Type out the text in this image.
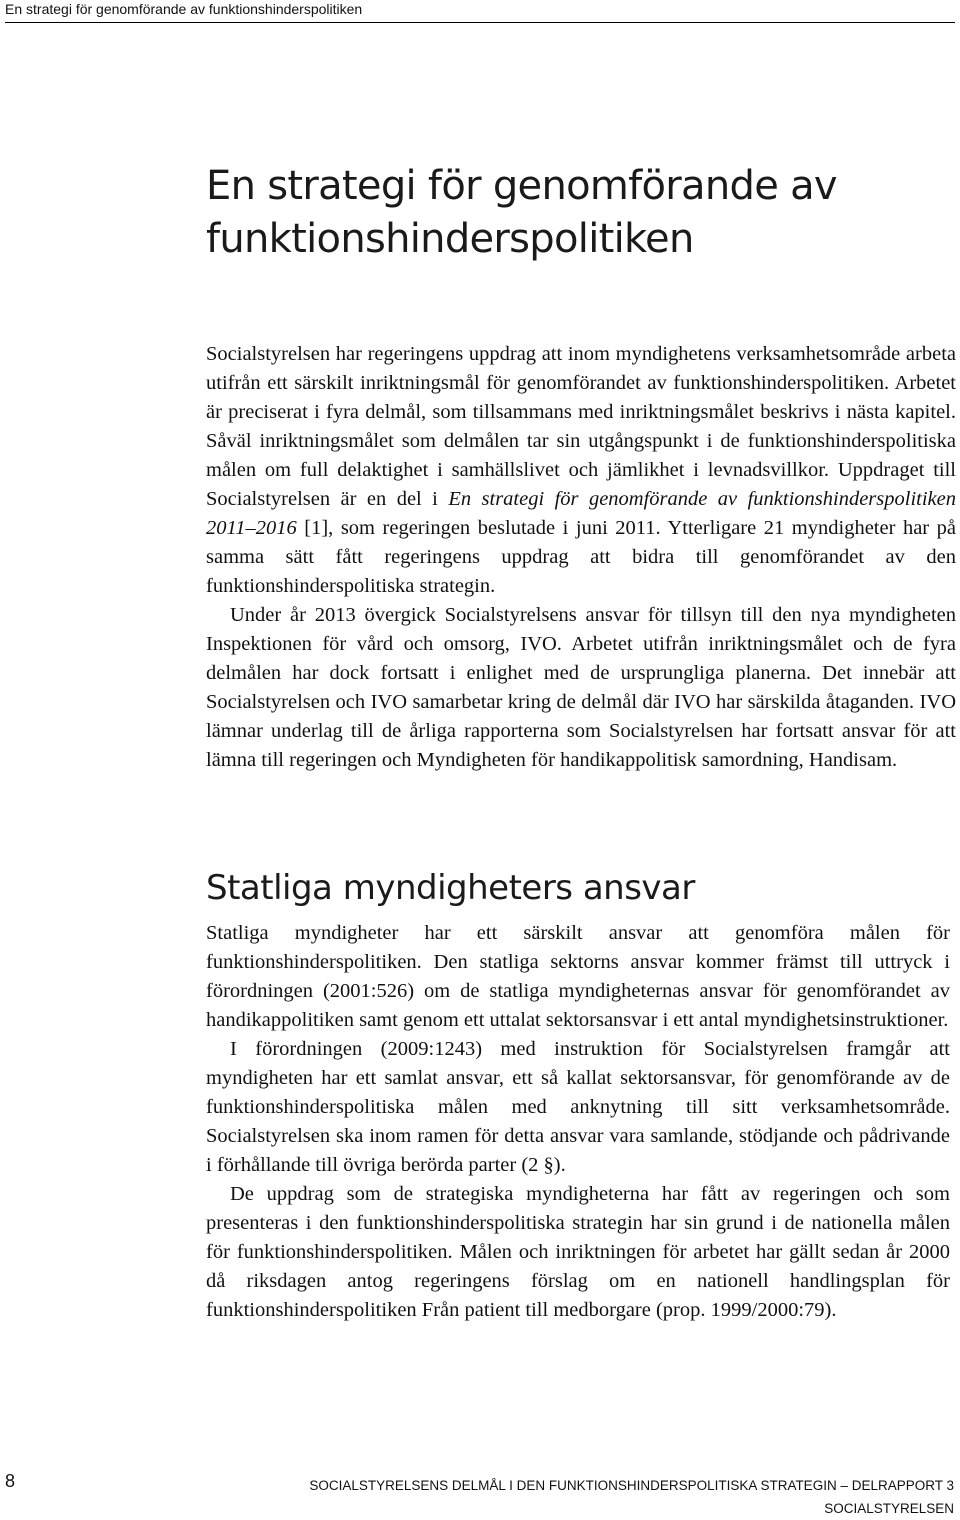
En strategi för genomförande av funktionshinderspolitiken
En strategi för genomförande av funktionshinderspolitiken

Socialstyrelsen har regeringens uppdrag att inom myndighetens verksamhetsområde arbeta utifrån ett särskilt inriktningsmål för genomförandet av funktionshinderspolitiken. Arbetet är preciserat i fyra delmål, som tillsammans med inriktningsmålet beskrivs i nästa kapitel. Såväl inriktningsmålet som delmålen tar sin utgångspunkt i de funktionshinderspolitiska målen om full delaktighet i samhällslivet och jämlikhet i levnadsvillkor. Uppdraget till Socialstyrelsen är en del i En strategi för genomförande av funktionshinderspolitiken 2011–2016 [1], som regeringen beslutade i juni 2011. Ytterligare 21 myndigheter har på samma sätt fått regeringens uppdrag att bidra till genomförandet av den funktionshinderspolitiska strategin.

Under år 2013 övergick Socialstyrelsens ansvar för tillsyn till den nya myndigheten Inspektionen för vård och omsorg, IVO. Arbetet utifrån inriktningsmålet och de fyra delmålen har dock fortsatt i enlighet med de ursprungliga planerna. Det innebär att Socialstyrelsen och IVO samarbetar kring de delmål där IVO har särskilda åtaganden. IVO lämnar underlag till de årliga rapporterna som Socialstyrelsen har fortsatt ansvar för att lämna till regeringen och Myndigheten för handikappolitisk samordning, Handisam.

Statliga myndigheters ansvar

Statliga myndigheter har ett särskilt ansvar att genomföra målen för funktionshinderspolitiken. Den statliga sektorns ansvar kommer främst till uttryck i förordningen (2001:526) om de statliga myndigheternas ansvar för genomförandet av handikappolitiken samt genom ett uttalat sektorsansvar i ett antal myndighetsinstruktioner.

I förordningen (2009:1243) med instruktion för Socialstyrelsen framgår att myndigheten har ett samlat ansvar, ett så kallat sektorsansvar, för genomförande av de funktionshinderspolitiska målen med anknytning till sitt verksamhetsområde. Socialstyrelsen ska inom ramen för detta ansvar vara samlande, stödjande och pådrivande i förhållande till övriga berörda parter (2 §).

De uppdrag som de strategiska myndigheterna har fått av regeringen och som presenteras i den funktionshinderspolitiska strategin har sin grund i de nationella målen för funktionshinderspolitiken. Målen och inriktningen för arbetet har gällt sedan år 2000 då riksdagen antog regeringens förslag om en nationell handlingsplan för funktionshinderspolitiken Från patient till medborgare (prop. 1999/2000:79).

8	SOCIALSTYRELSENS DELMÅL I DEN FUNKTIONSHINDERSPOLITISKA STRATEGIN – DELRAPPORT 3
SOCIALSTYRELSEN
